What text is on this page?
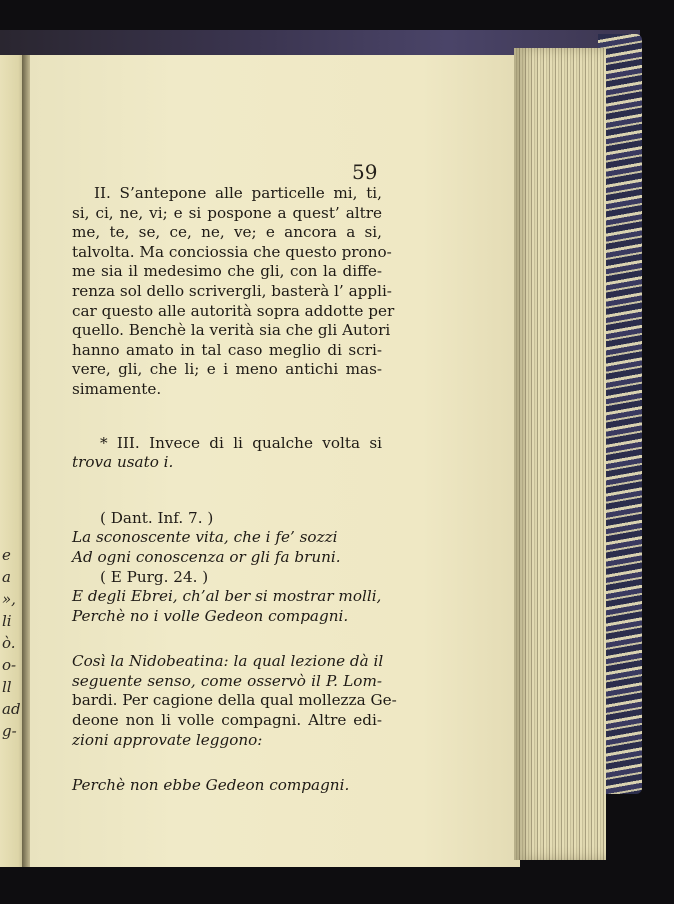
e
a
»,
li
ò.
o-
ll
ad
g-
59
II. S’antepone alle particelle mi, ti,
si, ci, ne, vi; e si pospone a quest’ altre
me, te, se, ce, ne, ve; e ancora a si,
talvolta. Ma conciossia che questo prono-
me sia il medesimo che gli, con la diffe-
renza sol dello scrivergli, basterà l’ appli-
car questo alle autorità sopra addotte per
quello. Benchè la verità sia che gli Autori
hanno amato in tal caso meglio di scri-
vere, gli, che li; e i meno antichi mas-
simamente.
* III. Invece di li qualche volta si
trova usato i.
( Dant. Inf. 7. )
La sconoscente vita, che i fe’ sozzi
Ad ogni conoscenza or gli fa bruni.
( E Purg. 24. )
E degli Ebrei, ch’al ber si mostrar molli,
Perchè no i volle Gedeon compagni.
Così la Nidobeatina: la qual lezione dà il
seguente senso, come osservò il P. Lom-
bardi. Per cagione della qual mollezza Ge-
deone non li volle compagni. Altre edi-
zioni approvate leggono:
Perchè non ebbe Gedeon compagni.
